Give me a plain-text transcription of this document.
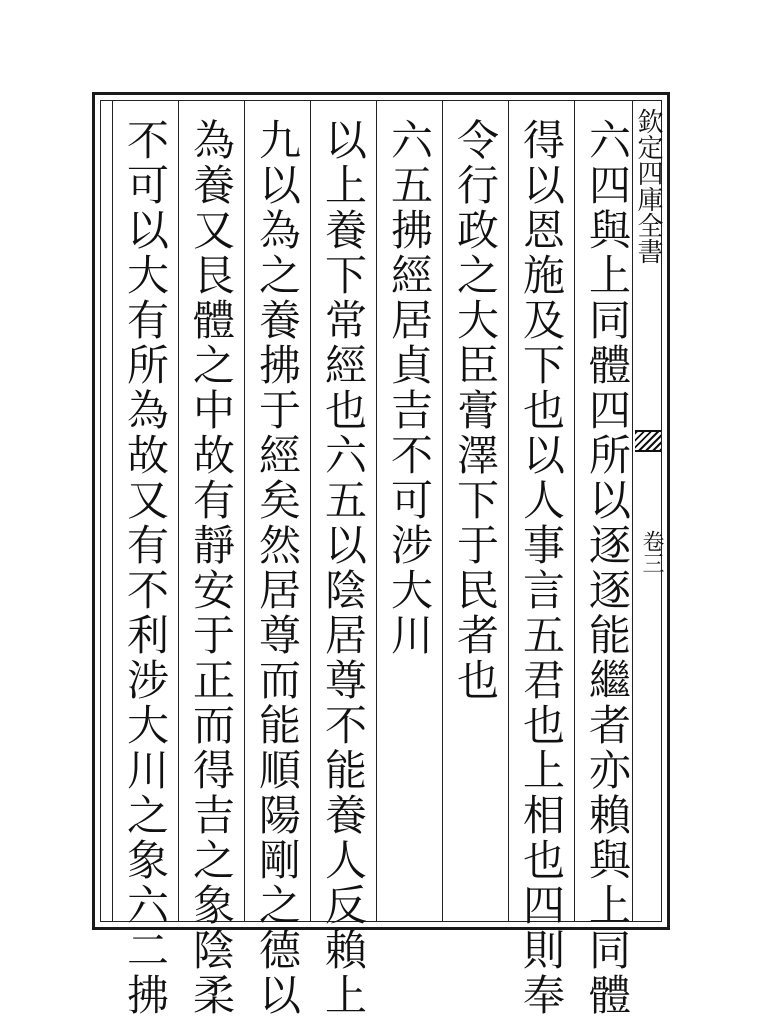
欽定四庫全書
卷三
六四與上同體四所以逐逐能繼者亦賴與上同體
得以恩施及下也以人事言五君也上相也四則奉
令行政之大臣膏澤下于民者也
六五拂經居貞吉不可涉大川
以上養下常經也六五以陰居尊不能養人反賴上
九以為之養拂于經矣然居尊而能順陽剛之德以
為養又艮體之中故有靜安于正而得吉之象陰柔
不可以大有所為故又有不利涉大川之象六二拂
